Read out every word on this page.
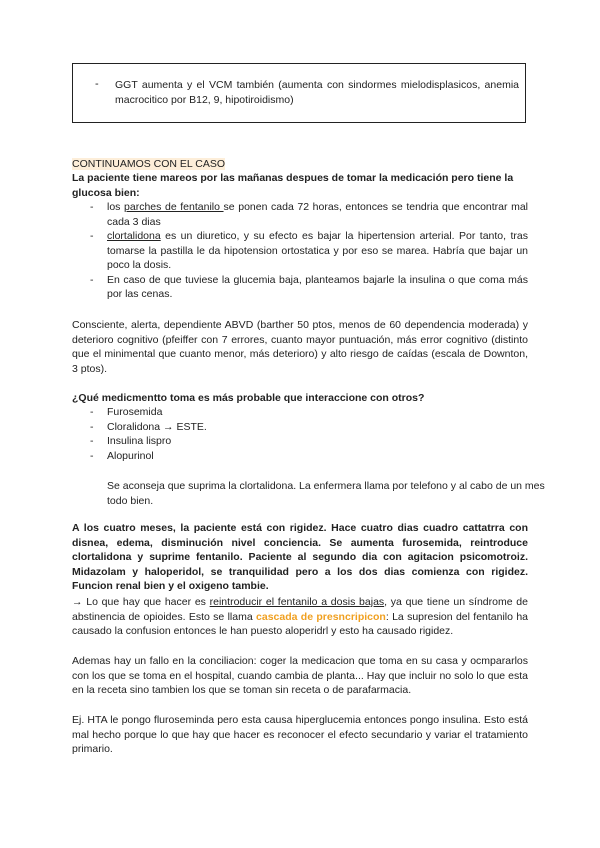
- GGT aumenta y el VCM también (aumenta con sindormes mielodisplasicos, anemia macrocitico por B12, 9, hipotiroidismo)
CONTINUAMOS CON EL CASO
La paciente tiene mareos por las mañanas despues de tomar la medicación pero tiene la glucosa bien:
- los parches de fentanilo se ponen cada 72 horas, entonces se tendria que encontrar mal cada 3 dias
- clortalidona es un diuretico, y su efecto es bajar la hipertension arterial. Por tanto, tras tomarse la pastilla le da hipotension ortostatica y por eso se marea. Habría que bajar un poco la dosis.
- En caso de que tuviese la glucemia baja, planteamos bajarle la insulina o que coma más por las cenas.
Consciente, alerta, dependiente ABVD (barther 50 ptos, menos de 60 dependencia moderada) y deterioro cognitivo (pfeiffer con 7 errores, cuanto mayor puntuación, más error cognitivo (distinto que el minimental que cuanto menor, más deterioro) y alto riesgo de caídas (escala de Downton, 3 ptos).
¿Qué medicmentto toma es más probable que interaccione con otros?
- Furosemida
- Cloralidona → ESTE.
- Insulina lispro
- Alopurinol
Se aconseja que suprima la clortalidona. La enfermera llama por telefono y al cabo de un mes todo bien.
A los cuatro meses, la paciente está con rigidez. Hace cuatro dias cuadro cattatrra con disnea, edema, disminución nivel conciencia. Se aumenta furosemida, reintroduce clortalidona y suprime fentanilo. Paciente al segundo dia con agitacion psicomotroiz. Midazolam y haloperidol, se tranquilidad pero a los dos dias comienza con rigidez. Funcion renal bien y el oxigeno tambie.
→ Lo que hay que hacer es reintroducir el fentanilo a dosis bajas, ya que tiene un síndrome de abstinencia de opioides. Esto se llama cascada de presncripicon: La supresion del fentanilo ha causado la confusion entonces le han puesto aloperidrl y esto ha causado rigidez.
Ademas hay un fallo en la conciliacion: coger la medicacion que toma en su casa y ocmpararlos con los que se toma en el hospital, cuando cambia de planta... Hay que incluir no solo lo que esta en la receta sino tambien los que se toman sin receta o de parafarmacia.
Ej. HTA le pongo fluroseminda pero esta causa hiperglucemia entonces pongo insulina. Esto está mal hecho porque lo que hay que hacer es reconocer el efecto secundario y variar el tratamiento primario.
